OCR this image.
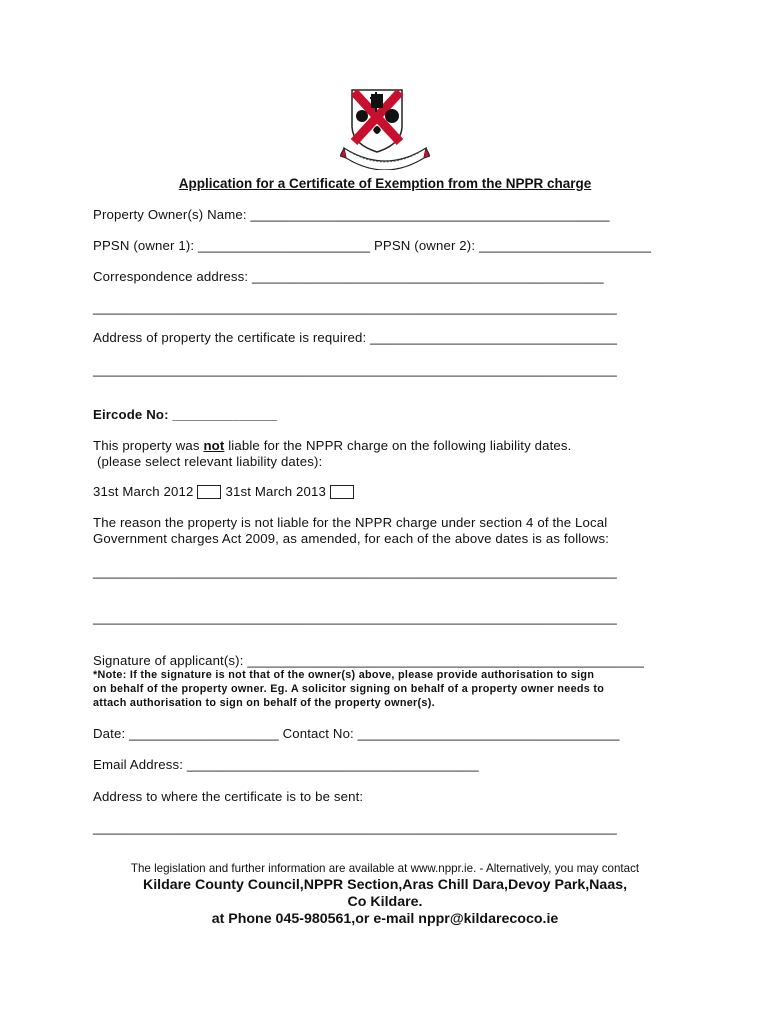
Application for a Certificate of Exemption from the NPPR charge
Property Owner(s) Name: ________________________________________________
PPSN (owner 1): _______________________ PPSN (owner 2): _______________________
Correspondence address: _______________________________________________
______________________________________________________________________
Address of property the certificate is required: _________________________________
______________________________________________________________________
Eircode No: ______________
This property was not liable for the NPPR charge on the following liability dates.
(please select relevant liability dates):
31st March 2012 31st March 2013
The reason the property is not liable for the NPPR charge under section 4 of the Local
Government charges Act 2009, as amended, for each of the above dates is as follows:
______________________________________________________________________
______________________________________________________________________
Signature of applicant(s): _____________________________________________________
*Note: If the signature is not that of the owner(s) above, please provide authorisation to sign
on behalf of the property owner. Eg. A solicitor signing on behalf of a property owner needs to
attach authorisation to sign on behalf of the property owner(s).
Date: ____________________ Contact No: ___________________________________
Email Address: _______________________________________
Address to where the certificate is to be sent:
______________________________________________________________________
The legislation and further information are available at www.nppr.ie. - Alternatively, you may contact
Kildare County Council,NPPR Section,Aras Chill Dara,Devoy Park,Naas,
Co Kildare.
at Phone 045-980561,or e-mail nppr@kildarecoco.ie
